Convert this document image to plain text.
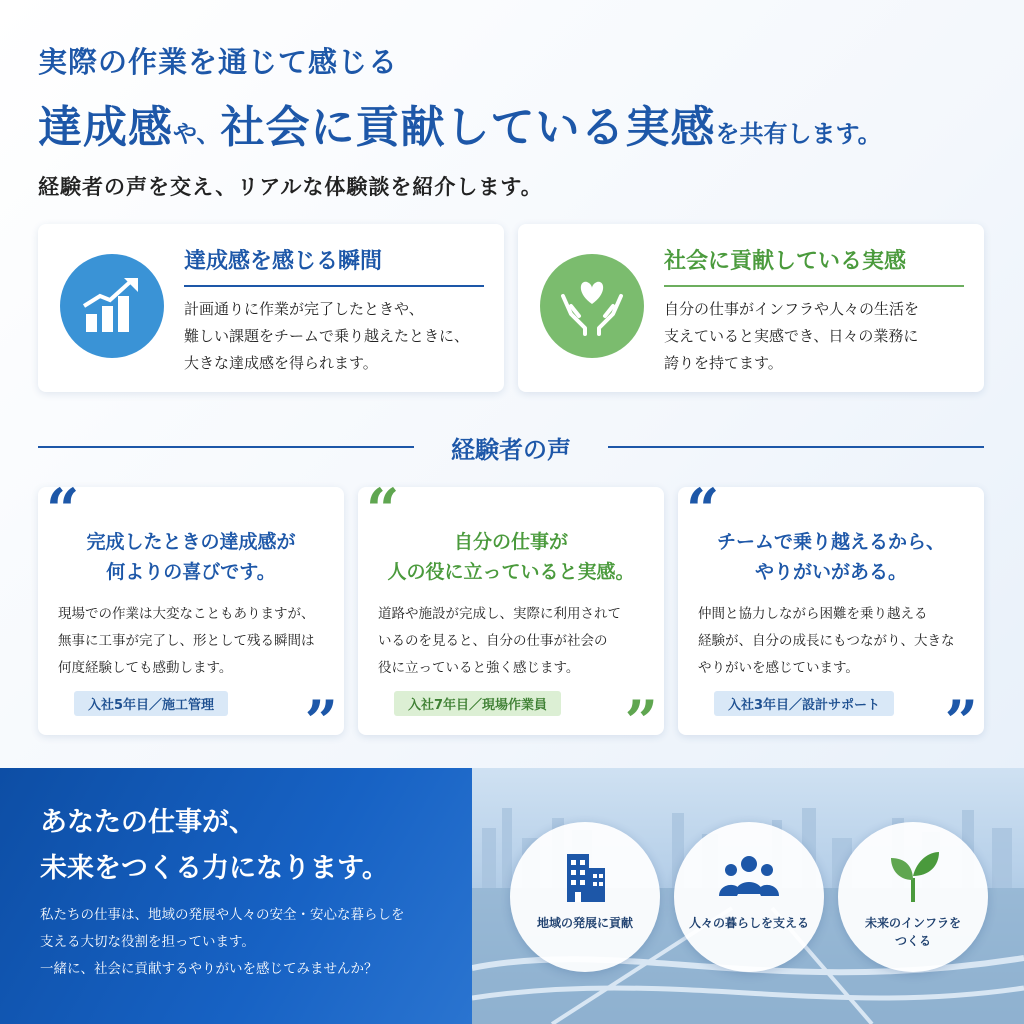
実際の作業を通じて感じる
達成感や、社会に貢献している実感を共有します。
経験者の声を交え、リアルな体験談を紹介します。
達成感を感じる瞬間
計画通りに作業が完了したときや、
難しい課題をチームで乗り越えたときに、
大きな達成感を得られます。
社会に貢献している実感
自分の仕事がインフラや人々の生活を
支えていると実感でき、日々の業務に
誇りを持てます。
経験者の声
“ 完成したときの達成感が
何よりの喜びです。
現場での作業は大変なこともありますが、
無事に工事が完了し、形として残る瞬間は
何度経験しても感動します。
入社5年目／施工管理 ”
“	自分の仕事が
人の役に立っていると実感。
道路や施設が完成し、実際に利用されて
いるのを見ると、自分の仕事が社会の
役に立っていると強く感じます。
入社7年目／現場作業員 ”
“
チームで乗り越えるから、
やりがいがある。
仲間と協力しながら困難を乗り越える
経験が、自分の成長にもつながり、大きな
やりがいを感じています。
入社3年目／設計サポート ”
あなたの仕事が、
未来をつくる力になります。
私たちの仕事は、地域の発展や人々の安全・安心な暮らしを
支える大切な役割を担っています。
一緒に、社会に貢献するやりがいを感じてみませんか？
地域の発展に貢献	人々の暮らしを支える	未来のインフラを
つくる
